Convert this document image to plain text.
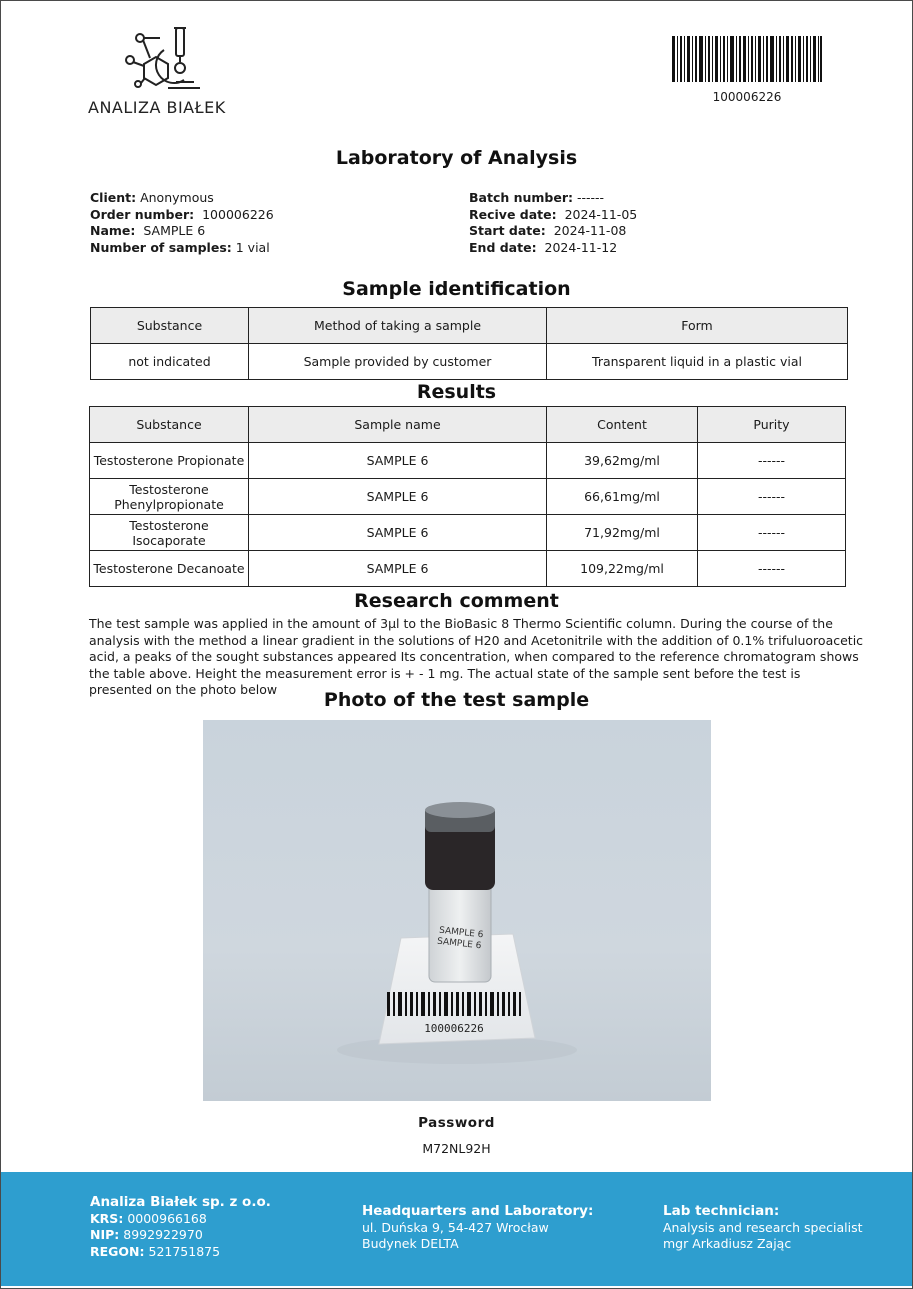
ANALIZA BIAŁEK
100006226
Laboratory of Analysis
Client: Anonymous
Order number: 100006226
Name: SAMPLE 6
Number of samples: 1 vial
Batch number: ------
Recive date: 2024-11-05
Start date: 2024-11-08
End date: 2024-11-12
Sample identification
Substance	Method of taking a sample	Form
not indicated	Sample provided by customer	Transparent liquid in a plastic vial
Results
Substance	Sample name	Content	Purity
Testosterone Propionate	SAMPLE 6	39,62mg/ml	------
Testosterone Phenylpropionate	SAMPLE 6	66,61mg/ml	------
Testosterone Isocaporate	SAMPLE 6	71,92mg/ml	------
Testosterone Decanoate	SAMPLE 6	109,22mg/ml	------
Research comment
The test sample was applied in the amount of 3µl to the BioBasic 8 Thermo Scientific column. During the course of the analysis with the method a linear gradient in the solutions of H20 and Acetonitrile with the addition of 0.1% trifuluoroacetic acid, a peaks of the sought substances appeared Its concentration, when compared to the reference chromatogram shows the table above. Height the measurement error is + - 1 mg. The actual state of the sample sent before the test is presented on the photo below	Photo of the test sample
100006226
SAMPLE 6
SAMPLE 6
Password
M72NL92H
Analiza Białek sp. z o.o.
KRS: 0000966168
NIP: 8992922970
REGON: 521751875
Headquarters and Laboratory:
ul. Duńska 9, 54-427 Wrocław
Budynek DELTA
Lab technician:
Analysis and research specialist
mgr Arkadiusz Zając
